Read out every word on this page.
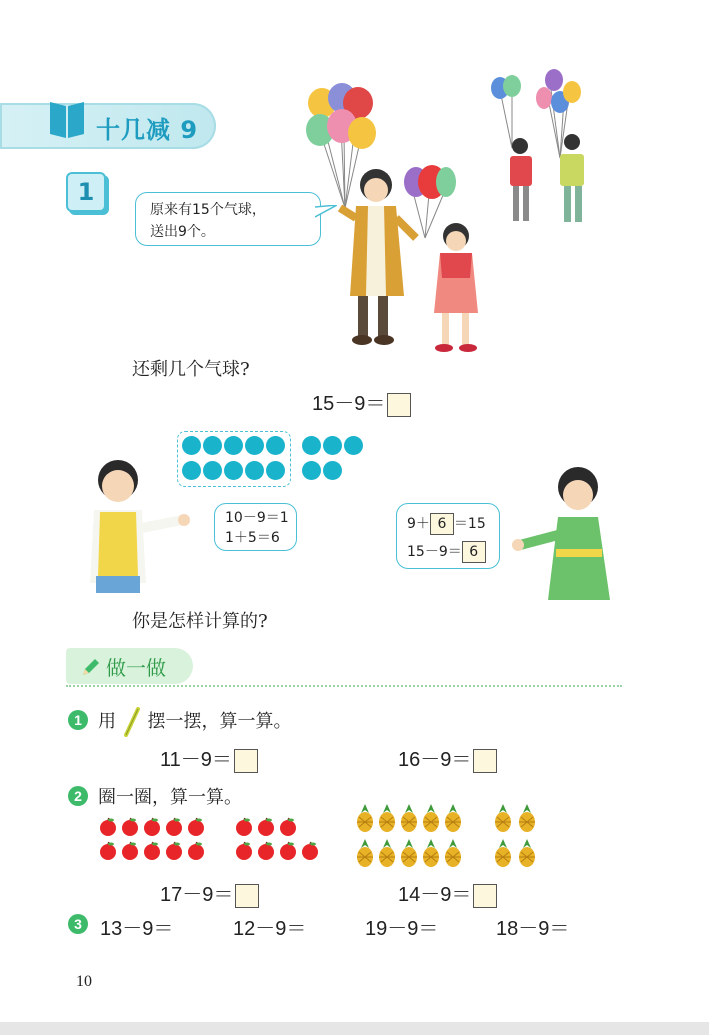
十几减 9
1
原来有15个气球，
送出9个。
还剩几个气球?
15－9＝
10－9＝1
1＋5＝6
9＋ 6 ＝15
15－9＝ 6
你是怎样计算的?
做一做
1 用 摆一摆，算一算。
11－9＝	16－9＝
2 圈一圈，算一算。
17－9＝	14－9＝
3 13－9＝	12－9＝	19－9＝	18－9＝
10
